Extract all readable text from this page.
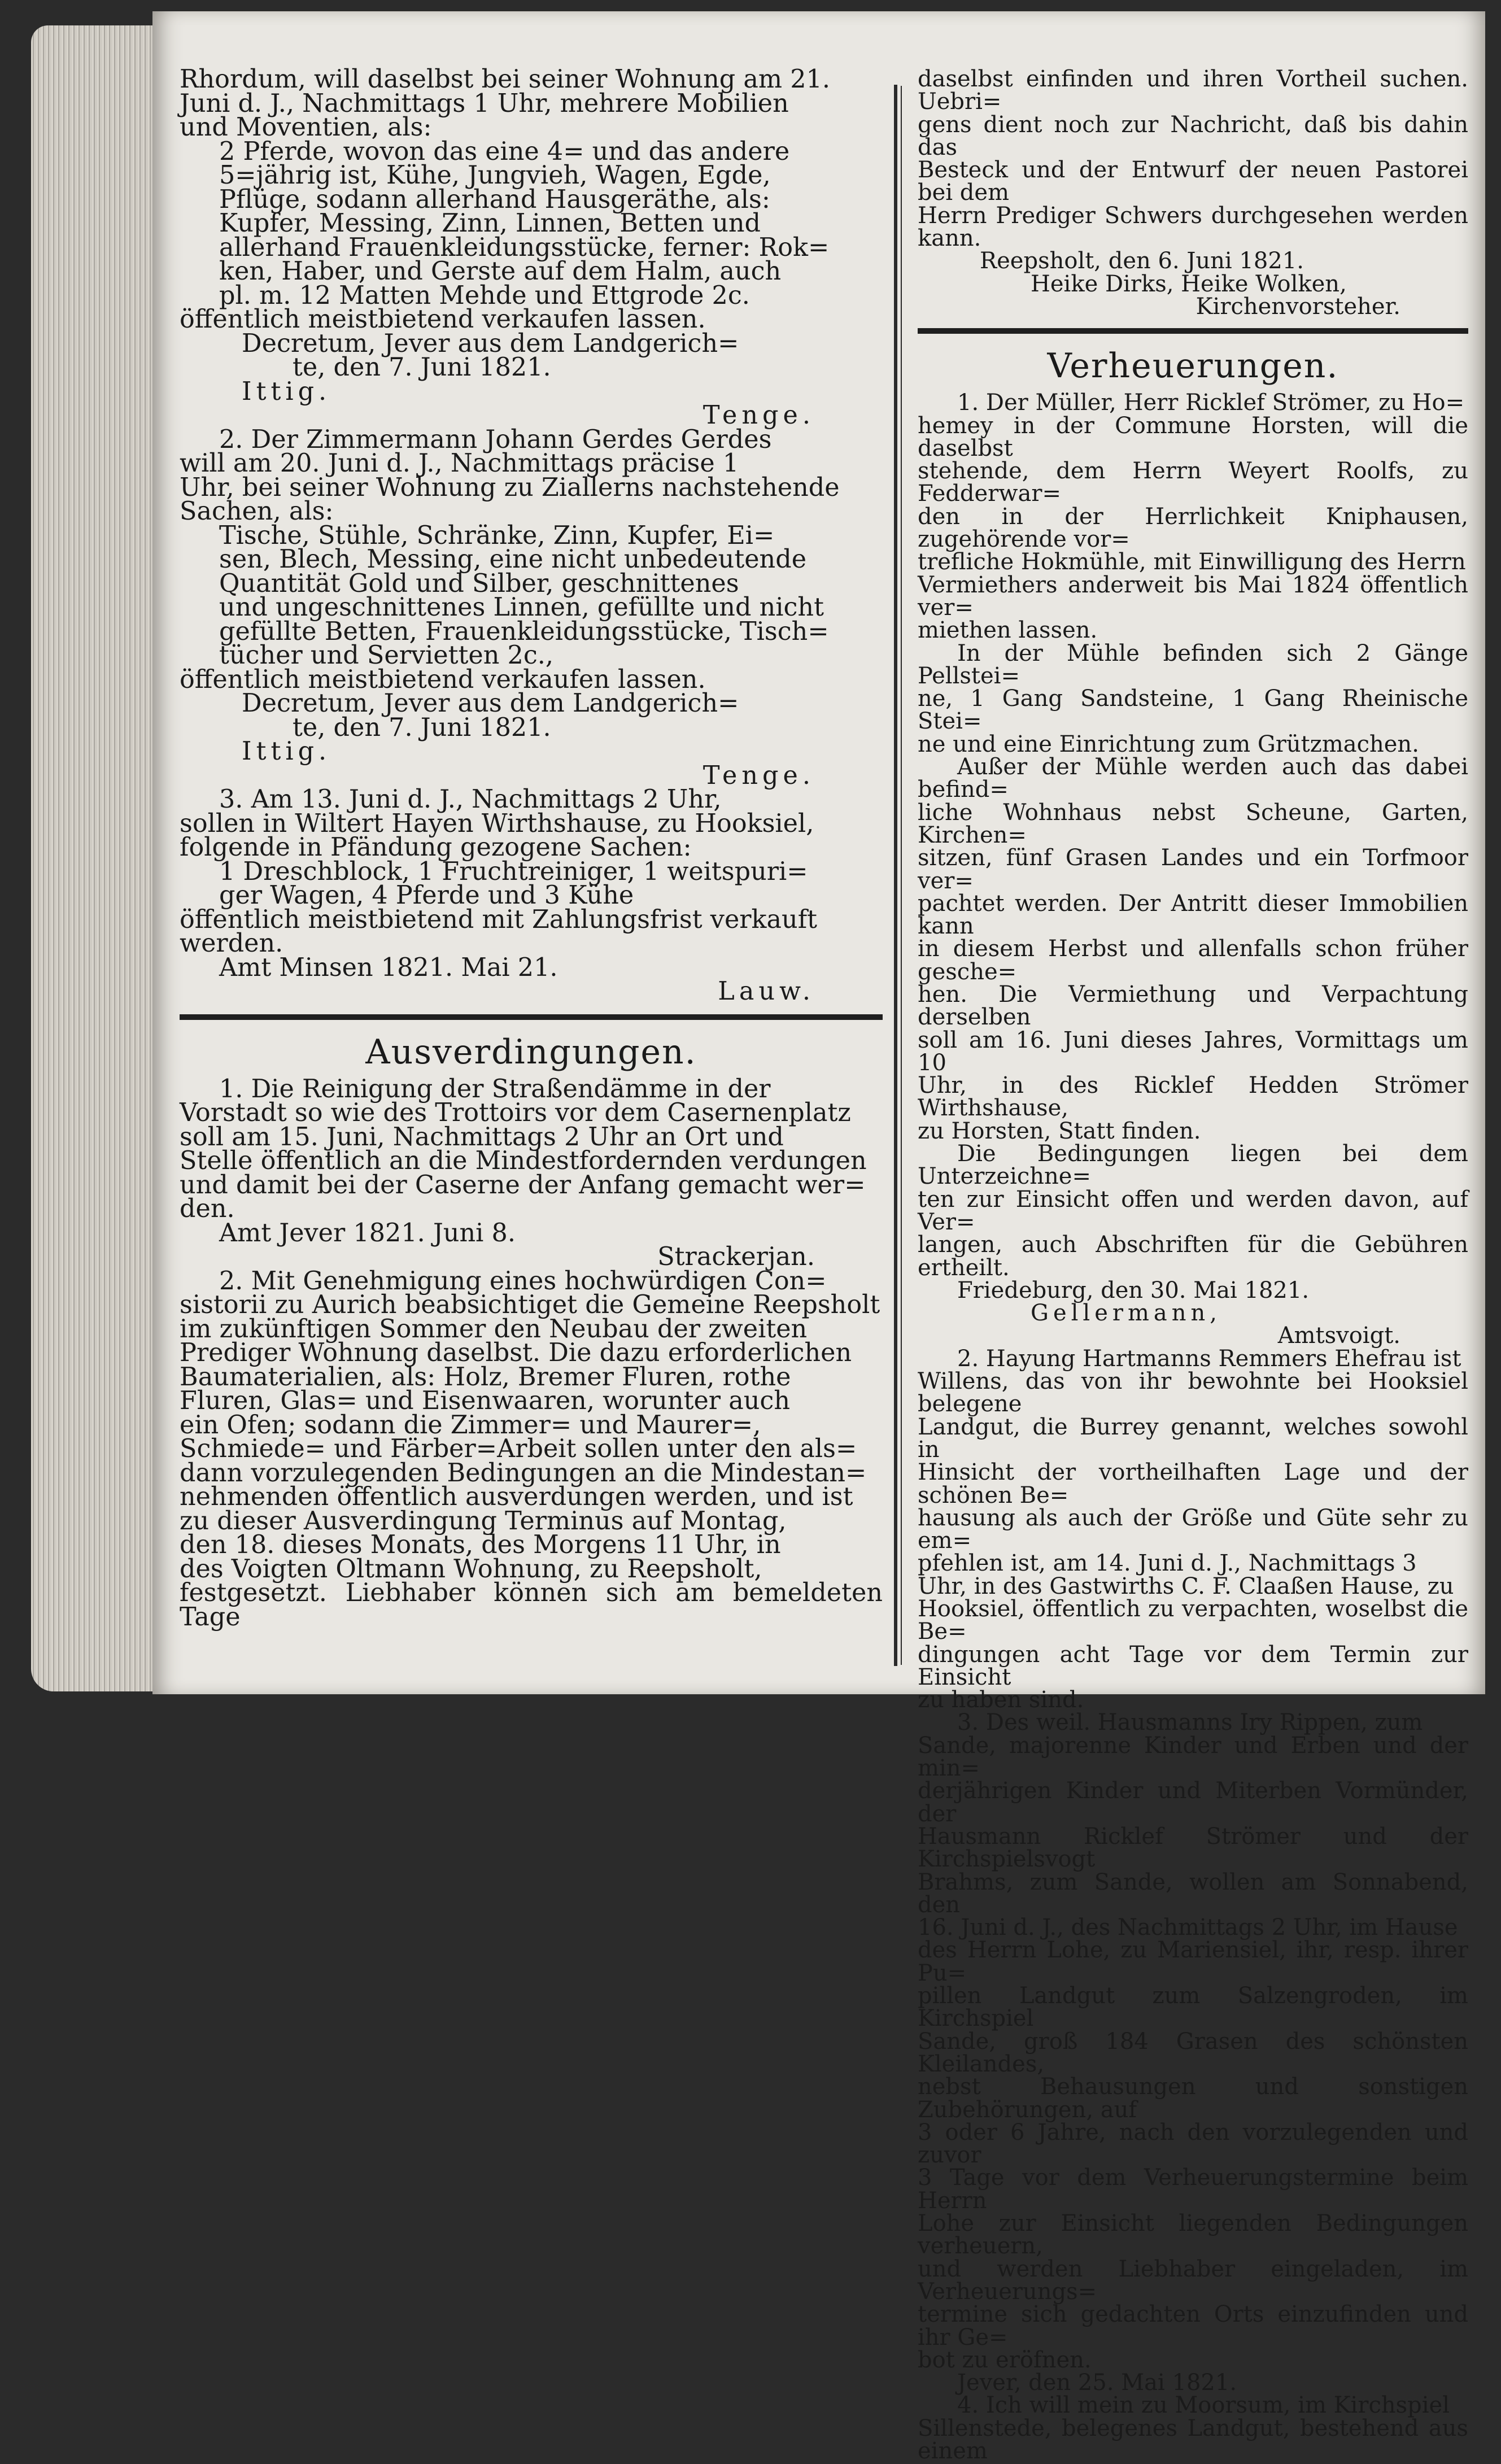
Rhordum, will daselbst bei seiner Wohnung am 21.

Juni d. J., Nachmittags 1 Uhr, mehrere Mobilien

und Moventien, als:

2 Pferde, wovon das eine 4= und das andere

5=jährig ist, Kühe, Jungvieh, Wagen, Egde,

Pflüge, sodann allerhand Hausgeräthe, als:

Kupfer, Messing, Zinn, Linnen, Betten und

allerhand Frauenkleidungsstücke, ferner: Rok=

ken, Haber, und Gerste auf dem Halm, auch

pl. m. 12 Matten Mehde und Ettgrode 2c.

öffentlich meistbietend verkaufen lassen.

Decretum, Jever aus dem Landgerich=

te, den 7. Juni 1821.

Ittig.

Tenge.

2. Der Zimmermann Johann Gerdes Gerdes

will am 20. Juni d. J., Nachmittags präcise 1

Uhr, bei seiner Wohnung zu Ziallerns nachstehende

Sachen, als:

Tische, Stühle, Schränke, Zinn, Kupfer, Ei=

sen, Blech, Messing, eine nicht unbedeutende

Quantität Gold und Silber, geschnittenes

und ungeschnittenes Linnen, gefüllte und nicht

gefüllte Betten, Frauenkleidungsstücke, Tisch=

tücher und Servietten 2c.,

öffentlich meistbietend verkaufen lassen.

Decretum, Jever aus dem Landgerich=

te, den 7. Juni 1821.

Ittig.

Tenge.

3. Am 13. Juni d. J., Nachmittags 2 Uhr,

sollen in Wiltert Hayen Wirthshause, zu Hooksiel,

folgende in Pfändung gezogene Sachen:

1 Dreschblock, 1 Fruchtreiniger, 1 weitspuri=

ger Wagen, 4 Pferde und 3 Kühe

öffentlich meistbietend mit Zahlungsfrist verkauft

werden.

Amt Minsen 1821. Mai 21.

Lauw.

Ausverdingungen.

1. Die Reinigung der Straßendämme in der

Vorstadt so wie des Trottoirs vor dem Casernenplatz

soll am 15. Juni, Nachmittags 2 Uhr an Ort und

Stelle öffentlich an die Mindestfordernden verdungen

und damit bei der Caserne der Anfang gemacht wer=

den.

Amt Jever 1821. Juni 8.

Strackerjan.

2. Mit Genehmigung eines hochwürdigen Con=

sistorii zu Aurich beabsichtiget die Gemeine Reepsholt

im zukünftigen Sommer den Neubau der zweiten

Prediger Wohnung daselbst. Die dazu erforderlichen

Baumaterialien, als: Holz, Bremer Fluren, rothe

Fluren, Glas= und Eisenwaaren, worunter auch

ein Ofen; sodann die Zimmer= und Maurer=,

Schmiede= und Färber=Arbeit sollen unter den als=

dann vorzulegenden Bedingungen an die Mindestan=

nehmenden öffentlich ausverdungen werden, und ist

zu dieser Ausverdingung Terminus auf Montag,

den 18. dieses Monats, des Morgens 11 Uhr, in

des Voigten Oltmann Wohnung, zu Reepsholt,

festgesetzt. Liebhaber können sich am bemeldeten Tage

daselbst einfinden und ihren Vortheil suchen. Uebri=

gens dient noch zur Nachricht, daß bis dahin das

Besteck und der Entwurf der neuen Pastorei bei dem

Herrn Prediger Schwers durchgesehen werden kann.

Reepsholt, den 6. Juni 1821.

Heike Dirks, Heike Wolken,

Kirchenvorsteher.

Verheuerungen.

1. Der Müller, Herr Ricklef Strömer, zu Ho=

hemey in der Commune Horsten, will die daselbst

stehende, dem Herrn Weyert Roolfs, zu Fedderwar=

den in der Herrlichkeit Kniphausen, zugehörende vor=

trefliche Hokmühle, mit Einwilligung des Herrn

Vermiethers anderweit bis Mai 1824 öffentlich ver=

miethen lassen.

In der Mühle befinden sich 2 Gänge Pellstei=

ne, 1 Gang Sandsteine, 1 Gang Rheinische Stei=

ne und eine Einrichtung zum Grützmachen.

Außer der Mühle werden auch das dabei befind=

liche Wohnhaus nebst Scheune, Garten, Kirchen=

sitzen, fünf Grasen Landes und ein Torfmoor ver=

pachtet werden. Der Antritt dieser Immobilien kann

in diesem Herbst und allenfalls schon früher gesche=

hen. Die Vermiethung und Verpachtung derselben

soll am 16. Juni dieses Jahres, Vormittags um 10

Uhr, in des Ricklef Hedden Strömer Wirthshause,

zu Horsten, Statt finden.

Die Bedingungen liegen bei dem Unterzeichne=

ten zur Einsicht offen und werden davon, auf Ver=

langen, auch Abschriften für die Gebühren ertheilt.

Friedeburg, den 30. Mai 1821.

Gellermann,

Amtsvoigt.

2. Hayung Hartmanns Remmers Ehefrau ist

Willens, das von ihr bewohnte bei Hooksiel belegene

Landgut, die Burrey genannt, welches sowohl in

Hinsicht der vortheilhaften Lage und der schönen Be=

hausung als auch der Größe und Güte sehr zu em=

pfehlen ist, am 14. Juni d. J., Nachmittags 3

Uhr, in des Gastwirths C. F. Claaßen Hause, zu

Hooksiel, öffentlich zu verpachten, woselbst die Be=

dingungen acht Tage vor dem Termin zur Einsicht

zu haben sind.

3. Des weil. Hausmanns Iry Rippen, zum

Sande, majorenne Kinder und Erben und der min=

derjährigen Kinder und Miterben Vormünder, der

Hausmann Ricklef Strömer und der Kirchspielsvogt

Brahms, zum Sande, wollen am Sonnabend, den

16. Juni d. J., des Nachmittags 2 Uhr, im Hause

des Herrn Lohe, zu Mariensiel, ihr, resp. ihrer Pu=

pillen Landgut zum Salzengroden, im Kirchspiel

Sande, groß 184 Grasen des schönsten Kleilandes,

nebst Behausungen und sonstigen Zubehörungen, auf

3 oder 6 Jahre, nach den vorzulegenden und zuvor

3 Tage vor dem Verheuerungstermine beim Herrn

Lohe zur Einsicht liegenden Bedingungen verheuern,

und werden Liebhaber eingeladen, im Verheuerungs=

termine sich gedachten Orts einzufinden und ihr Ge=

bot zu eröfnen.

Jever, den 25. Mai 1821.

4. Ich will mein zu Moorsum, im Kirchspiel

Sillenstede, belegenes Landgut, bestehend aus einem
